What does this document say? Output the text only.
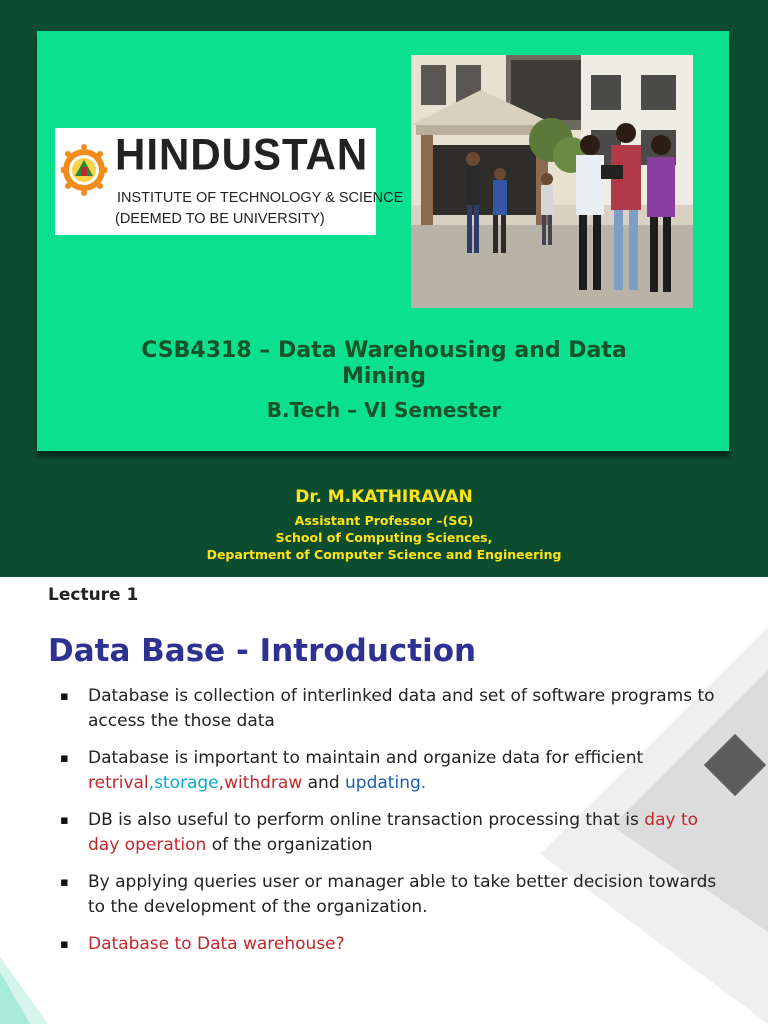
HINDUSTAN
INSTITUTE OF TECHNOLOGY & SCIENCE
(DEEMED TO BE UNIVERSITY)
CSB4318 – Data Warehousing and Data Mining
B.Tech – VI Semester
Dr. M.KATHIRAVAN
Assistant Professor –(SG)
School of Computing Sciences,
Department of Computer Science and Engineering
Lecture 1
Data Base - Introduction
▪ Database is collection of interlinked data and set of software programs to access the those data
▪ Database is important to maintain and organize data for efficient retrival,storage,withdraw and updating.
▪ DB is also useful to perform online transaction processing that is day to day operation of the organization
▪ By applying queries user or manager able to take better decision towards to the development of the organization.
▪ Database to Data warehouse?
